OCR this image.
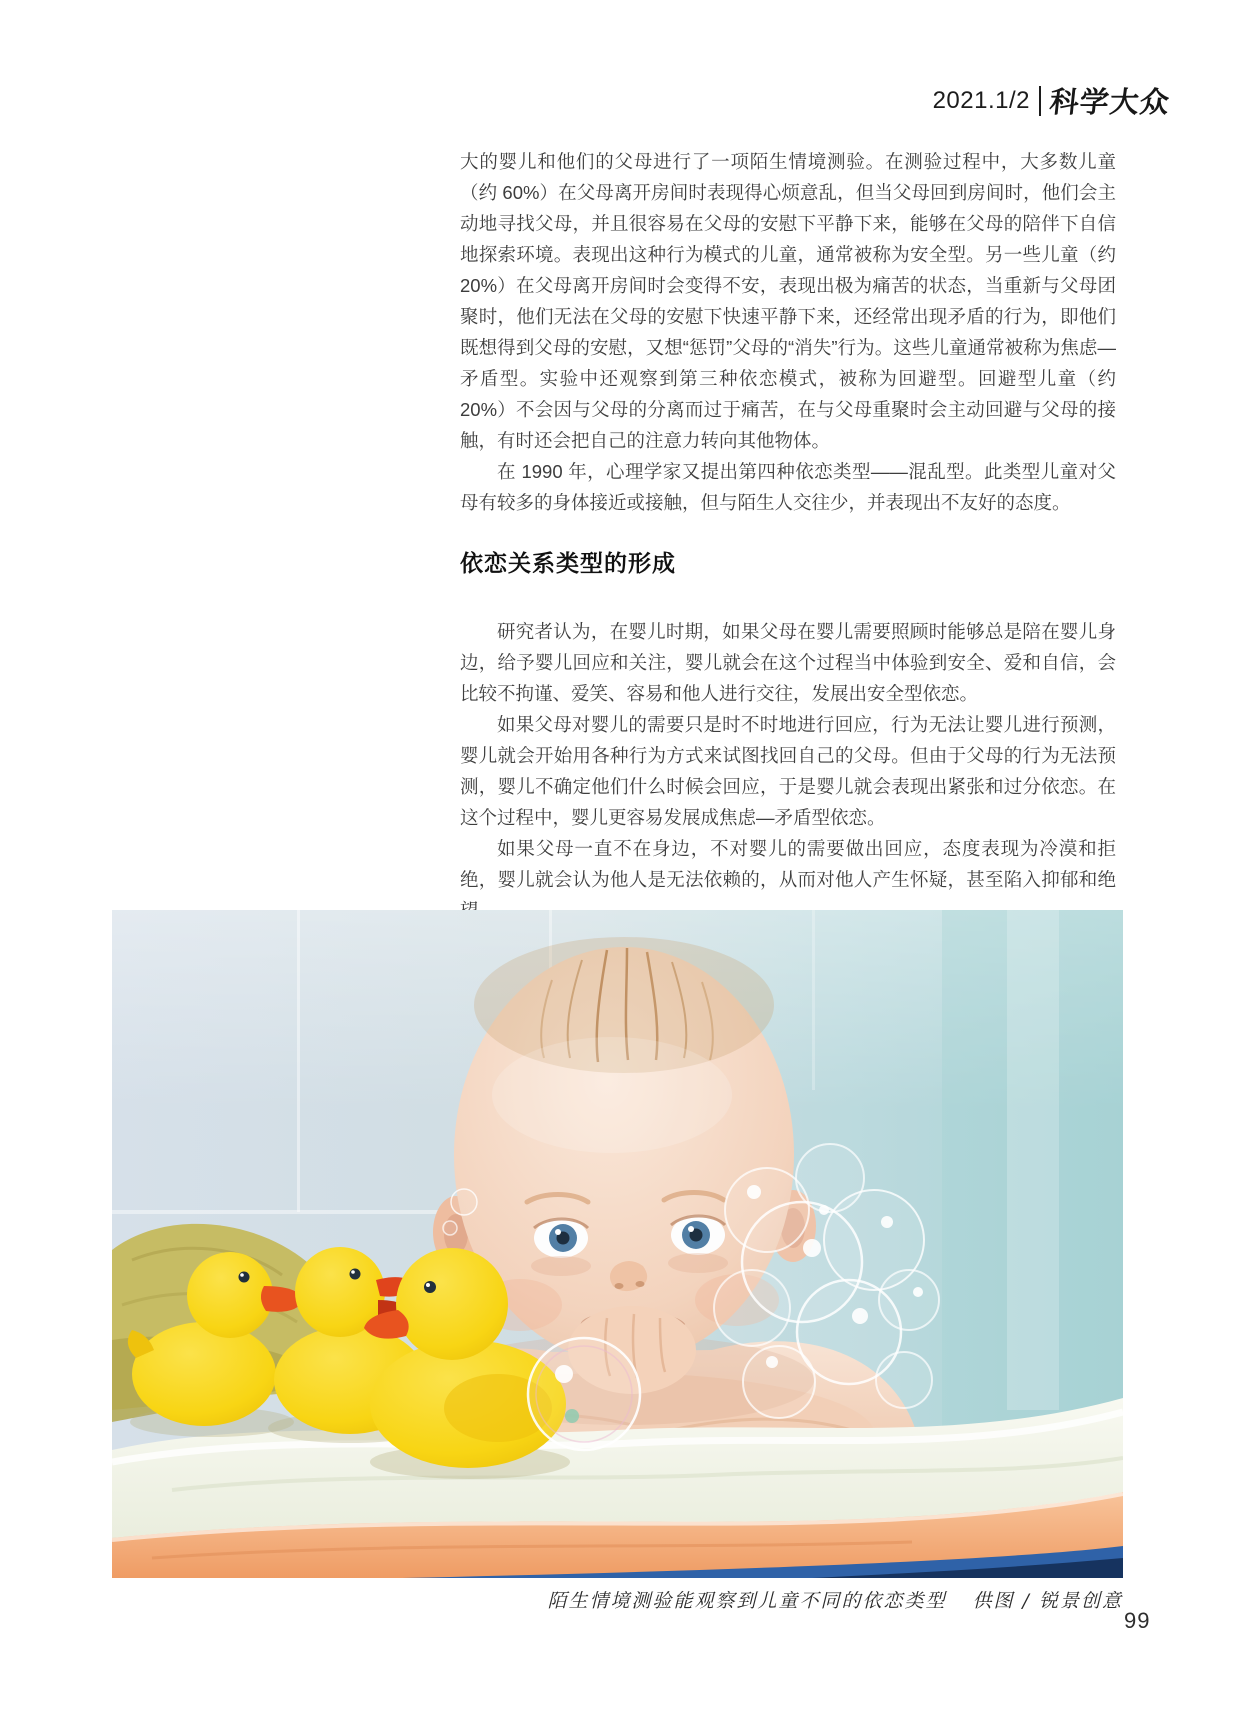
2021.1/2 科学大众

大的婴儿和他们的父母进行了一项陌生情境测验。在测验过程中，大多数儿童（约 60%）在父母离开房间时表现得心烦意乱，但当父母回到房间时，他们会主动地寻找父母，并且很容易在父母的安慰下平静下来，能够在父母的陪伴下自信地探索环境。表现出这种行为模式的儿童，通常被称为安全型。另一些儿童（约 20%）在父母离开房间时会变得不安，表现出极为痛苦的状态，当重新与父母团聚时，他们无法在父母的安慰下快速平静下来，还经常出现矛盾的行为，即他们既想得到父母的安慰，又想“惩罚”父母的“消失”行为。这些儿童通常被称为焦虑—矛盾型。实验中还观察到第三种依恋模式，被称为回避型。回避型儿童（约 20%）不会因与父母的分离而过于痛苦，在与父母重聚时会主动回避与父母的接触，有时还会把自己的注意力转向其他物体。

在 1990 年，心理学家又提出第四种依恋类型——混乱型。此类型儿童对父母有较多的身体接近或接触，但与陌生人交往少，并表现出不友好的态度。

依恋关系类型的形成

研究者认为，在婴儿时期，如果父母在婴儿需要照顾时能够总是陪在婴儿身边，给予婴儿回应和关注，婴儿就会在这个过程当中体验到安全、爱和自信，会比较不拘谨、爱笑、容易和他人进行交往，发展出安全型依恋。

如果父母对婴儿的需要只是时不时地进行回应，行为无法让婴儿进行预测，婴儿就会开始用各种行为方式来试图找回自己的父母。但由于父母的行为无法预测，婴儿不确定他们什么时候会回应，于是婴儿就会表现出紧张和过分依恋。在这个过程中，婴儿更容易发展成焦虑—矛盾型依恋。

如果父母一直不在身边，不对婴儿的需要做出回应，态度表现为冷漠和拒绝，婴儿就会认为他人是无法依赖的，从而对他人产生怀疑，甚至陷入抑郁和绝

陌生情境测验能观察到儿童不同的依恋类型 供图 / 锐景创意
99
